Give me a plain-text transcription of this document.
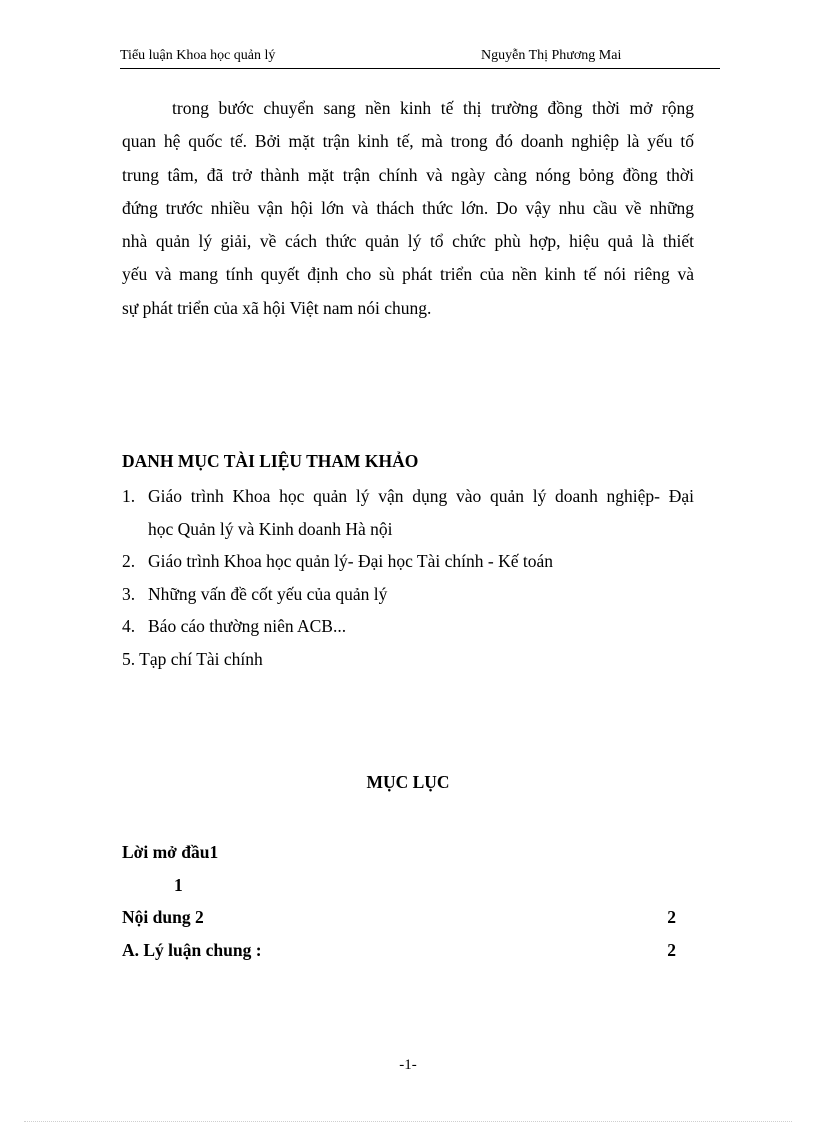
Tiểu luận Khoa học quản lý	Nguyễn Thị Phương Mai
trong bước chuyển sang nền kinh tế thị trường đồng thời mở rộng
quan hệ quốc tế. Bởi mặt trận kinh tế, mà trong đó doanh nghiệp là yếu tố
trung tâm, đã trở thành mặt trận chính và ngày càng nóng bỏng đồng thời
đứng trước nhiều vận hội lớn và thách thức lớn. Do vậy nhu cầu về những
nhà quản lý giải, về cách thức quản lý tổ chức phù hợp, hiệu quả là thiết
yếu và mang tính quyết định cho sù phát triển của nền kinh tế nói riêng và
sự phát triển của xã hội Việt nam nói chung.
DANH MỤC TÀI LIỆU THAM KHẢO
1. Giáo trình Khoa học quản lý vận dụng vào quản lý doanh nghiệp- Đại
học Quản lý và Kinh doanh Hà nội
2. Giáo trình Khoa học quản lý- Đại học Tài chính - Kế toán
3. Những vấn đề cốt yếu của quản lý
4. Báo cáo thường niên ACB...
5. Tạp chí Tài chính
MỤC LỤC
Lời mở đầu1
1
Nội dung 2	2
A. Lý luận chung :	2
-1-
